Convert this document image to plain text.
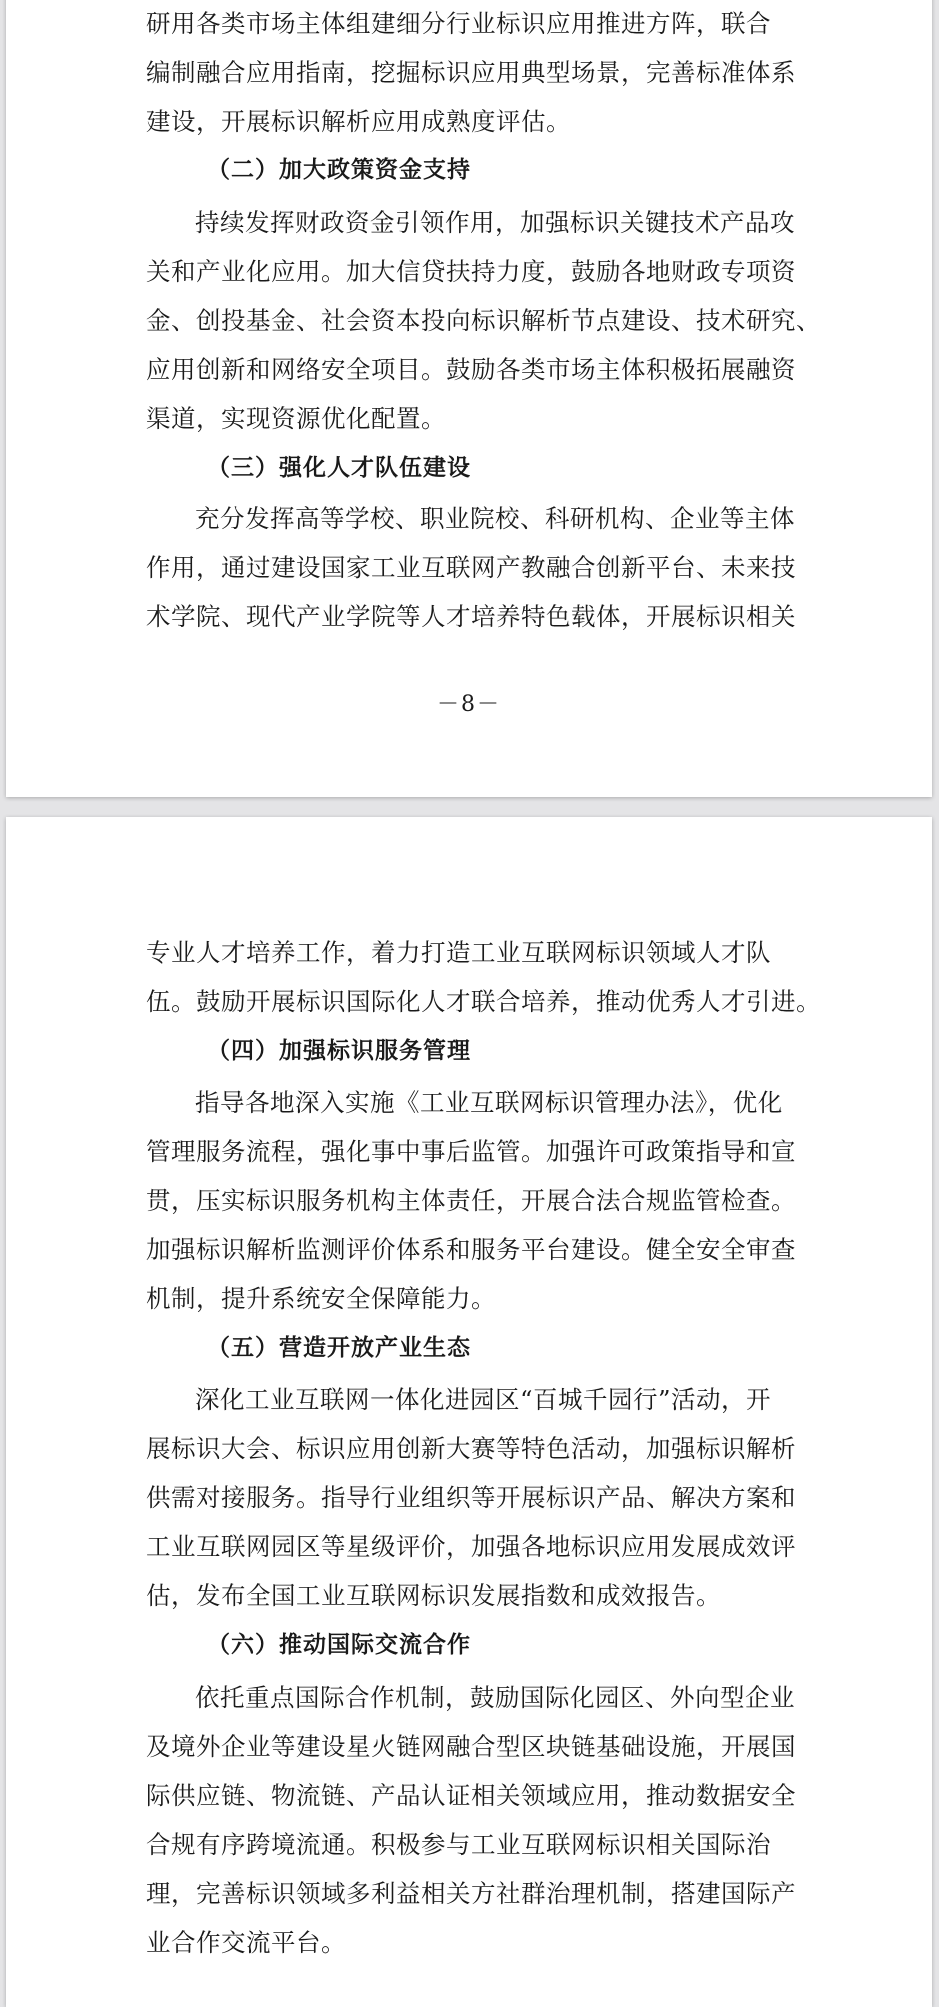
研用各类市场主体组建细分行业标识应用推进方阵，联合
编制融合应用指南，挖掘标识应用典型场景，完善标准体系
建设，开展标识解析应用成熟度评估。
（二）加大政策资金支持
持续发挥财政资金引领作用，加强标识关键技术产品攻
关和产业化应用。加大信贷扶持力度，鼓励各地财政专项资
金、创投基金、社会资本投向标识解析节点建设、技术研究、
应用创新和网络安全项目。鼓励各类市场主体积极拓展融资
渠道，实现资源优化配置。
（三）强化人才队伍建设
充分发挥高等学校、职业院校、科研机构、企业等主体
作用，通过建设国家工业互联网产教融合创新平台、未来技
术学院、现代产业学院等人才培养特色载体，开展标识相关
－8－
专业人才培养工作，着力打造工业互联网标识领域人才队
伍。鼓励开展标识国际化人才联合培养，推动优秀人才引进。
（四）加强标识服务管理
指导各地深入实施《工业互联网标识管理办法》，优化
管理服务流程，强化事中事后监管。加强许可政策指导和宣
贯，压实标识服务机构主体责任，开展合法合规监管检查。
加强标识解析监测评价体系和服务平台建设。健全安全审查
机制，提升系统安全保障能力。
（五）营造开放产业生态
深化工业互联网一体化进园区“百城千园行”活动，开
展标识大会、标识应用创新大赛等特色活动，加强标识解析
供需对接服务。指导行业组织等开展标识产品、解决方案和
工业互联网园区等星级评价，加强各地标识应用发展成效评
估，发布全国工业互联网标识发展指数和成效报告。
（六）推动国际交流合作
依托重点国际合作机制，鼓励国际化园区、外向型企业
及境外企业等建设星火链网融合型区块链基础设施，开展国
际供应链、物流链、产品认证相关领域应用，推动数据安全
合规有序跨境流通。积极参与工业互联网标识相关国际治
理，完善标识领域多利益相关方社群治理机制，搭建国际产
业合作交流平台。
